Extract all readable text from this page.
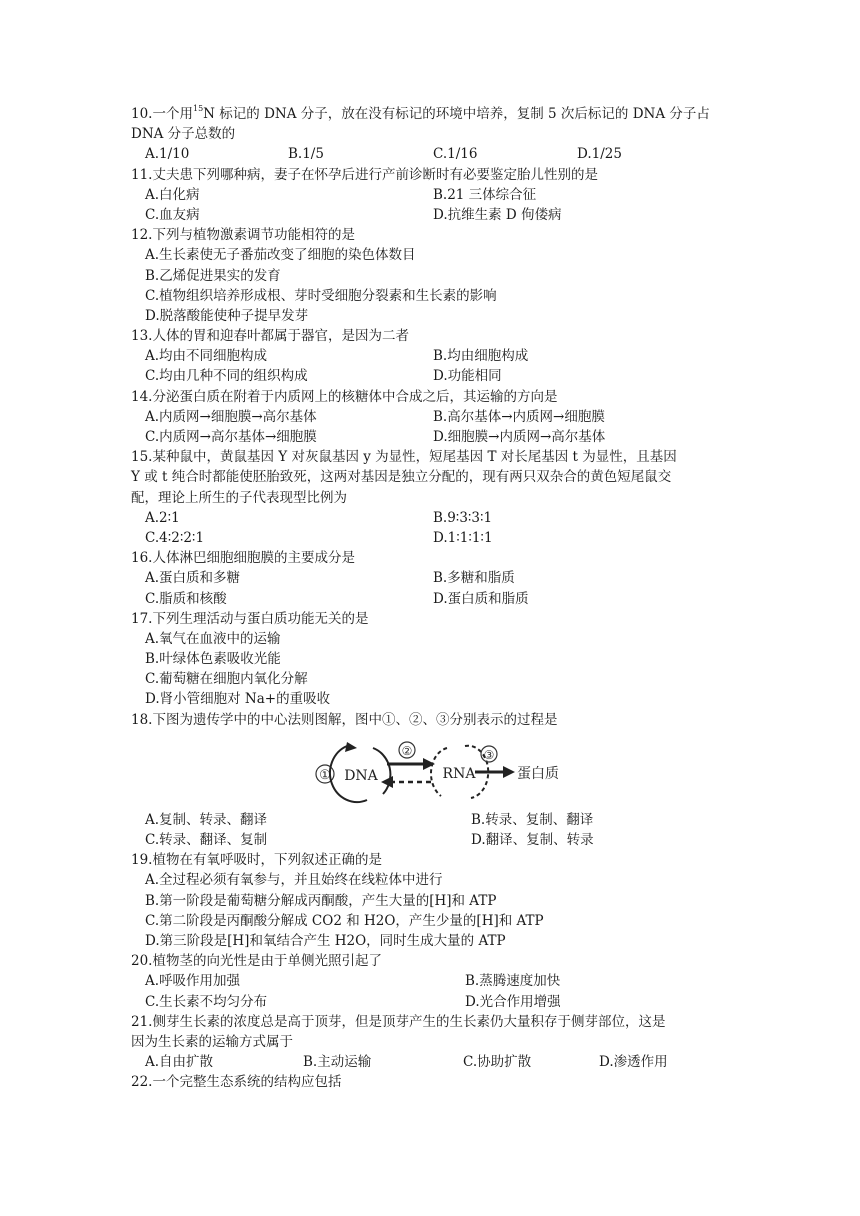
10.一个用$^{15}$N 标记的 DNA 分子，放在没有标记的环境中培养，复制 5 次后标记的 DNA 分子占
DNA 分子总数的
A.1/10	B.1/5	C.1/16	D.1/25
11.丈夫患下列哪种病，妻子在怀孕后进行产前诊断时有必要鉴定胎儿性别的是
A.白化病	B.21 三体综合征
C.血友病	D.抗维生素 D 佝偻病
12.下列与植物激素调节功能相符的是
A.生长素使无子番茄改变了细胞的染色体数目
B.乙烯促进果实的发育
C.植物组织培养形成根、芽时受细胞分裂素和生长素的影响
D.脱落酸能使种子提早发芽
13.人体的胃和迎春叶都属于器官，是因为二者
A.均由不同细胞构成	B.均由细胞构成
C.均由几种不同的组织构成	D.功能相同
14.分泌蛋白质在附着于内质网上的核糖体中合成之后，其运输的方向是
A.内质网→细胞膜→高尔基体	B.高尔基体→内质网→细胞膜
C.内质网→高尔基体→细胞膜	D.细胞膜→内质网→高尔基体
15.某种鼠中，黄鼠基因 Y 对灰鼠基因 y 为显性，短尾基因 T 对长尾基因 t 为显性，且基因
Y 或 t 纯合时都能使胚胎致死，这两对基因是独立分配的，现有两只双杂合的黄色短尾鼠交
配，理论上所生的子代表现型比例为
A.2∶1	B.9∶3∶3∶1
C.4∶2∶2∶1	D.1∶1∶1∶1
16.人体淋巴细胞细胞膜的主要成分是
A.蛋白质和多糖	B.多糖和脂质
C.脂质和核酸	D.蛋白质和脂质
17.下列生理活动与蛋白质功能无关的是
A.氧气在血液中的运输
B.叶绿体色素吸收光能
C.葡萄糖在细胞内氧化分解
D.肾小管细胞对 Na+的重吸收
18.下图为遗传学中的中心法则图解，图中①、②、③分别表示的过程是
① DNA
②
RNA
③
蛋白质
A.复制、转录、翻译	B.转录、复制、翻译
C.转录、翻译、复制	D.翻译、复制、转录
19.植物在有氧呼吸时，下列叙述正确的是
A.全过程必须有氧参与，并且始终在线粒体中进行
B.第一阶段是葡萄糖分解成丙酮酸，产生大量的[H]和 ATP
C.第二阶段是丙酮酸分解成 CO2 和 H2O，产生少量的[H]和 ATP
D.第三阶段是[H]和氧结合产生 H2O，同时生成大量的 ATP
20.植物茎的向光性是由于单侧光照引起了
A.呼吸作用加强	B.蒸腾速度加快
C.生长素不均匀分布	D.光合作用增强
21.侧芽生长素的浓度总是高于顶芽，但是顶芽产生的生长素仍大量积存于侧芽部位，这是
因为生长素的运输方式属于
A.自由扩散	B.主动运输	C.协助扩散	D.渗透作用
22.一个完整生态系统的结构应包括
